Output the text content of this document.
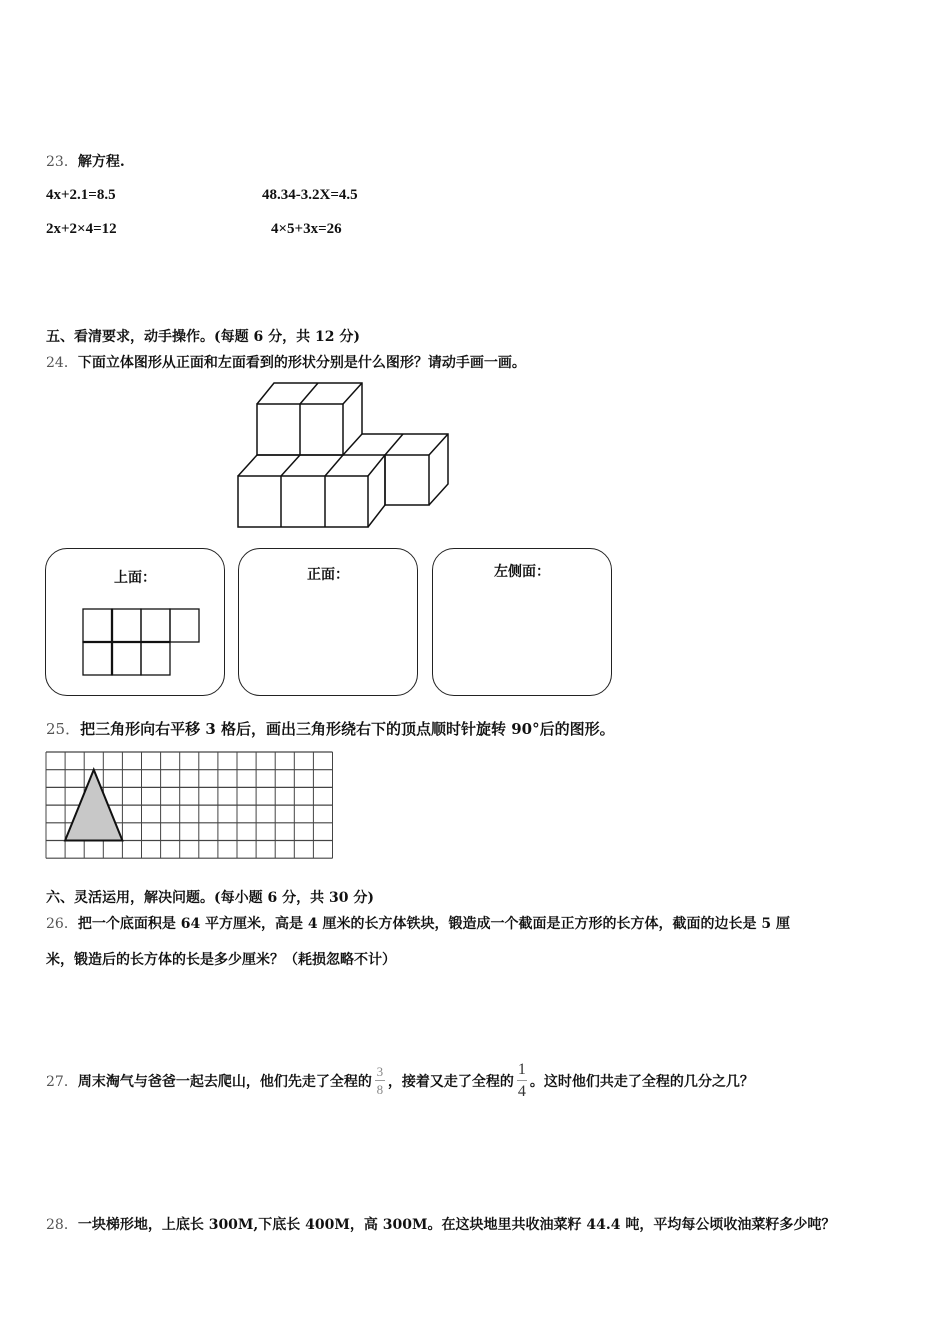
23．解方程.
4x+2.1=8.5	48.34-3.2X=4.5
2x+2×4=12	4×5+3x=26
五、看清要求，动手操作。(每题 6 分，共 12 分)
24．下面立体图形从正面和左面看到的形状分别是什么图形？请动手画一画。
上面：	正面：	左侧面：
25．把三角形向右平移 3 格后，画出三角形绕右下的顶点顺时针旋转 90°后的图形。
六、灵活运用，解决问题。(每小题 6 分，共 30 分)
26．把一个底面积是 64 平方厘米，高是 4 厘米的长方体铁块，锻造成一个截面是正方形的长方体，截面的边长是 5 厘
米，锻造后的长方体的长是多少厘米？（耗损忽略不计）
27． 周末淘气与爸爸一起去爬山，他们先走了全程的 $\frac{3}{8}$ ，接着又走了全程的 $\frac{1}{4}$ 。这时他们共走了全程的几分之几？
28．一块梯形地，上底长 300M,下底长 400M，高 300M。在这块地里共收油菜籽 44.4 吨，平均每公顷收油菜籽多少吨？
